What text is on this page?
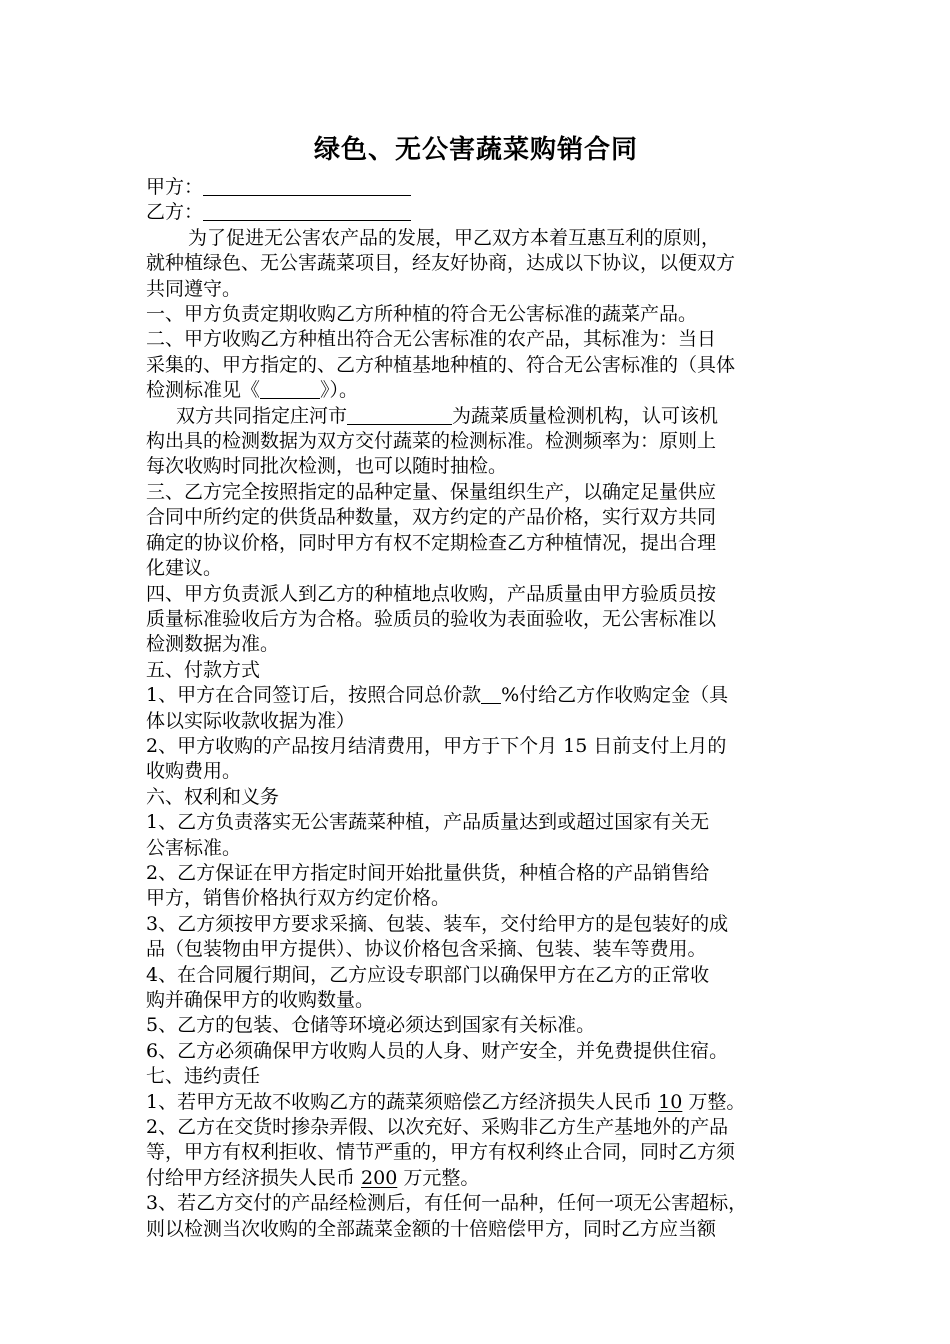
绿色、无公害蔬菜购销合同
甲方：
乙方：
为了促进无公害农产品的发展，甲乙双方本着互惠互利的原则，
就种植绿色、无公害蔬菜项目，经友好协商，达成以下协议，以便双方
共同遵守。
一、甲方负责定期收购乙方所种植的符合无公害标准的蔬菜产品。
二、甲方收购乙方种植出符合无公害标准的农产品，其标准为：当日
采集的、甲方指定的、乙方种植基地种植的、符合无公害标准的（具体
检测标准见《	》）。
双方共同指定庄河市	为蔬菜质量检测机构，认可该机
构出具的检测数据为双方交付蔬菜的检测标准。检测频率为：原则上
每次收购时同批次检测，也可以随时抽检。
三、乙方完全按照指定的品种定量、保量组织生产，以确定足量供应
合同中所约定的供货品种数量，双方约定的产品价格，实行双方共同
确定的协议价格，同时甲方有权不定期检查乙方种植情况，提出合理
化建议。
四、甲方负责派人到乙方的种植地点收购，产品质量由甲方验质员按
质量标准验收后方为合格。验质员的验收为表面验收，无公害标准以
检测数据为准。
五、付款方式
1、甲方在合同签订后，按照合同总价款 %付给乙方作收购定金（具
体以实际收款收据为准）
2、甲方收购的产品按月结清费用，甲方于下个月 15 日前支付上月的
收购费用。
六、权利和义务
1、乙方负责落实无公害蔬菜种植，产品质量达到或超过国家有关无
公害标准。
2、乙方保证在甲方指定时间开始批量供货，种植合格的产品销售给
甲方，销售价格执行双方约定价格。
3、乙方须按甲方要求采摘、包装、装车，交付给甲方的是包装好的成
品（包装物由甲方提供）、协议价格包含采摘、包装、装车等费用。
4、在合同履行期间，乙方应设专职部门以确保甲方在乙方的正常收
购并确保甲方的收购数量。
5、乙方的包装、仓储等环境必须达到国家有关标准。
6、乙方必须确保甲方收购人员的人身、财产安全，并免费提供住宿。
七、违约责任
1、若甲方无故不收购乙方的蔬菜须赔偿乙方经济损失人民币 10 万整。
2、乙方在交货时掺杂弄假、以次充好、采购非乙方生产基地外的产品
等，甲方有权利拒收、情节严重的，甲方有权利终止合同，同时乙方须
付给甲方经济损失人民币 200 万元整。
3、若乙方交付的产品经检测后，有任何一品种，任何一项无公害超标，
则以检测当次收购的全部蔬菜金额的十倍赔偿甲方，同时乙方应当额
